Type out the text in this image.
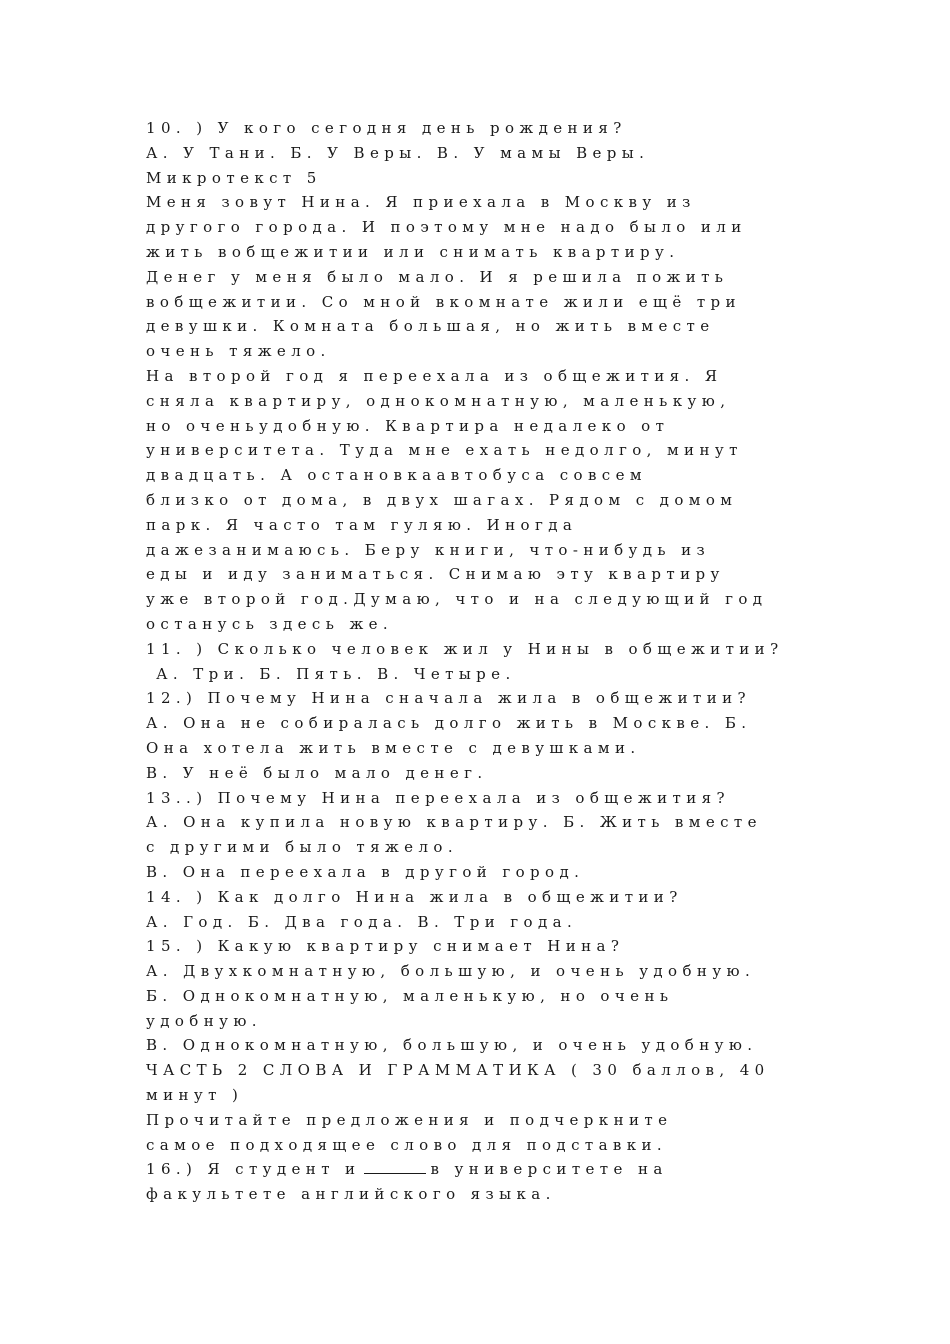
10. ) У кого сегодня день рождения?
А. У Тани. Б. У Веры. В. У мамы Веры.
Микротекст 5
Меня зовут Нина. Я приехала в Москву из
другого города. И поэтому мне надо было или
жить вобщежитии или снимать квартиру.
Денег у меня было мало. И я решила пожить
вобщежитии. Со мной вкомнате жили ещё три
девушки. Комната большая, но жить вместе
очень тяжело.
На второй год я переехала из общежития. Я
сняла квартиру, однокомнатную, маленькую,
но оченьудобную. Квартира недалеко от
университета. Туда мне ехать недолго, минут
двадцать. А остановкаавтобуса совсем
близко от дома, в двух шагах. Рядом с домом
парк. Я часто там гуляю. Иногда
дажезанимаюсь. Беру книги, что-нибудь из
еды и иду заниматься. Снимаю эту квартиру
уже второй год.Думаю, что и на следующий год
останусь здесь же.
11. ) Сколько человек жил у Нины в общежитии?
А. Три. Б. Пять. В. Четыре.
12.) Почему Нина сначала жила в общежитии?
А. Она не собиралась долго жить в Москве. Б.
Она хотела жить вместе с девушками.
В. У неё было мало денег.
13..) Почему Нина переехала из общежития?
А. Она купила новую квартиру. Б. Жить вместе
с другими было тяжело.
В. Она переехала в другой город.
14. ) Как долго Нина жила в общежитии?
А. Год. Б. Два года. В. Три года.
15. ) Какую квартиру снимает Нина?
А. Двухкомнатную, большую, и очень удобную.
Б. Однокомнатную, маленькую, но очень
удобную.
В. Однокомнатную, большую, и очень удобную.
ЧАСТЬ 2 СЛОВА И ГРАММАТИКА ( 30 баллов, 40
минут )
Прочитайте предложения и подчеркните
самое подходящее слово для подставки.
16.) Я студент и	в университете на
факультете английского языка.
